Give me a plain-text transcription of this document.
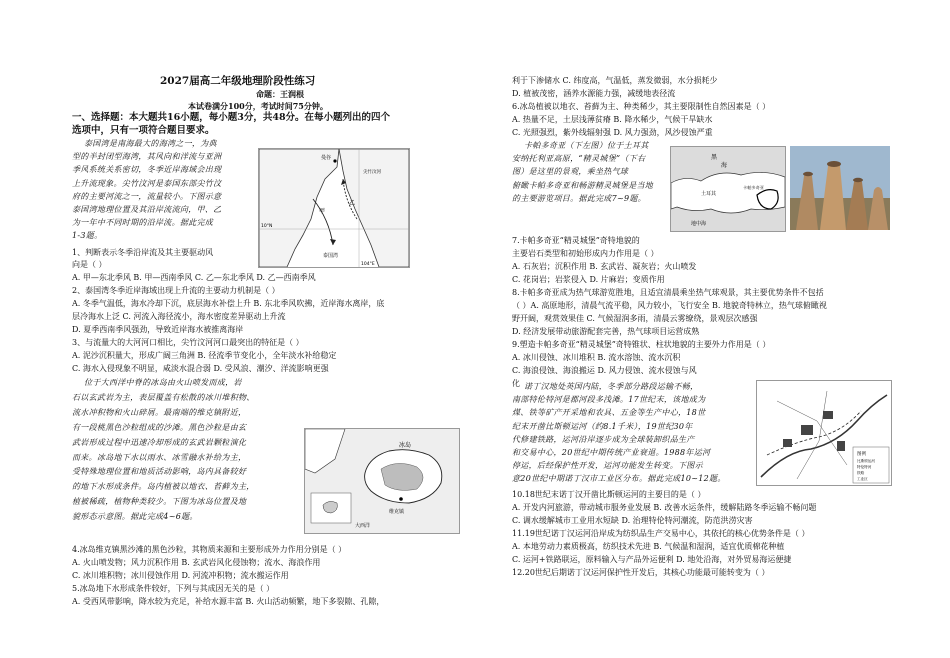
2027届高二年级地理阶段性练习
命题：王润根
本试卷满分100分，考试时间75分钟。
一、选择题：本大题共16小题，每小题3分，共48分。在每小题列出的四个
选项中，只有一项符合题目要求。
泰国湾是南海最大的海湾之一，为典
型的半封闭型海湾，其风向和洋流与亚洲
季风系统关系密切，冬季近岸海域会出现
上升流现象。尖竹汶河是泰国东部尖竹汶
府的主要河流之一，流量较小。下图示意
泰国湾地理位置及其沿岸流流向，甲、乙
为一年中不同时期的沿岸流。据此完成
1-3题。
甲
乙
泰国湾
尖竹汶河
曼谷
10°N
104°E
1、判断表示冬季沿岸流及其主要驱动风
向是（ ）
A. 甲—东北季风 B. 甲—西南季风 C. 乙—东北季风 D. 乙—西南季风
2、泰国湾冬季近岸海域出现上升流的主要动力机制是（ ）
A. 冬季气温低，海水冷却下沉，底层海水补偿上升 B. 东北季风吹拂，近岸海水离岸，底
层冷海水上泛 C. 河流入海径流小，海水密度差异驱动上升流
D. 夏季西南季风强劲，导致近岸海水被推离海岸
3、与流量大的大河河口相比，尖竹汶河河口最突出的特征是（ ）
A. 泥沙沉积量大，形成广阔三角洲 B. 径流季节变化小，全年淡水补给稳定
C. 海水入侵现象不明显，咸淡水混合弱 D. 受风浪、潮汐、洋流影响更强
位于大西洋中脊的冰岛由火山喷发而成，岩
石以玄武岩为主，表层覆盖有松散的冰川堆积物、
流水冲积物和火山碎屑。最南端的维克镇附近，
有一段桃黑色沙粒组成的沙滩。黑色沙粒是由玄
武岩形成过程中迅速冷却形成的玄武岩颗粒演化
而来。冰岛地下水以雨水、冰雪融水补给为主，
受特殊地理位置和地质活动影响，岛内具备较好
的地下水形成条件。岛内植被以地衣、苔藓为主，
植被稀疏，植物种类较少。下图为冰岛位置及地
貌形态示意图。据此完成4~6题。
冰岛
维克镇
大西洋
4.冰岛维克镇黑沙滩的黑色沙粒，其物质来源和主要形成外力作用分别是（ ）
A. 火山喷发物；风力沉积作用 B. 玄武岩风化侵蚀物；流水、海浪作用
C. 冰川堆积物；冰川侵蚀作用 D. 河流冲积物；流水搬运作用
5.冰岛地下水形成条件较好，下列与其成因无关的是（ ）
A. 受西风带影响，降水较为充足，补给水源丰富 B. 火山活动频繁，地下多裂隙、孔隙，
利于下渗储水 C. 纬度高，气温低，蒸发微弱，水分损耗少
D. 植被茂密，涵养水源能力强，减缓地表径流
6.冰岛植被以地衣、苔藓为主、种类稀少，其主要限制性自然因素是（ ）
A. 热量不足，土层浅薄贫瘠 B. 降水稀少，气候干旱缺水
C. 光照强烈，紫外线辐射强 D. 风力强劲，风沙侵蚀严重
卡帕多奇亚（下左图）位于土耳其
安纳托利亚高原，“精灵城堡”（下右
图）是这里的景观，乘坐热气球
俯瞰卡帕多奇亚和畅游精灵城堡是当地
的主要游览项目。据此完成7~9题。
黑
海
土耳其
卡帕多奇亚
地中海
7.卡帕多奇亚“精灵城堡”奇特地貌的
主要岩石类型和初始形成内力作用是（ ）
A. 石灰岩；沉积作用 B. 玄武岩、凝灰岩；火山喷发
C. 花岗岩；岩浆侵入 D. 片麻岩；变质作用
8.卡帕多奇亚成为热气球游览胜地，且适宜清晨乘坐热气球观景，其主要优势条件不包括
（ ）A. 高原地形，清晨气流平稳，风力较小，飞行安全 B. 地貌奇特林立，热气球俯瞰视
野开阔，观赏效果佳 C. 气候湿润多雨，清晨云雾缭绕，景观层次感强
D. 经济发展带动旅游配套完善，热气球项目运营成熟
9.塑造卡帕多奇亚“精灵城堡”奇特锥状、柱状地貌的主要外力作用是（ ）
A. 冰川侵蚀、冰川堆积 B. 流水溶蚀、流水沉积
C. 海浪侵蚀、海浪搬运 D. 风力侵蚀、流水侵蚀与风
化 诺丁汉地处英国内陆，冬季部分路段运输不畅，
南部特伦特河是郡河段多浅滩。17世纪末，该地成为
煤、铁等矿产开采地和农具、五金等生产中心，18世
纪末开凿比斯顿运河（约8.1千米），19世纪30年
代修建铁路，运河沿岸逐步成为全球装卸织品生产
和交易中心，20世纪中期传统产业衰退。1988年运河
停运，后经保护性开发，运河功能发生转变。下图示
意20世纪中期诺丁汉市工业区分布。据此完成10~12题。
图例
比斯顿运河
特伦特河
铁路
工业区
10.18世纪末诺丁汉开凿比斯顿运河的主要目的是（ ）
A. 开发内河旅游，带动城市服务业发展 B. 改善水运条件，缓解陆路冬季运输不畅问题
C. 调水缓解城市工业用水短缺 D. 治理特伦特河潮流，防范洪涝灾害
11.19世纪诺丁汉运河沿岸成为纺织品生产交易中心，其依托的核心优势条件是（ ）
A. 本地劳动力素质极高，纺织技术先进 B. 气候温和湿润，适宜优质棉花种植
C. 运河+铁路联运，原料输入与产品外运便利 D. 地处沿海，对外贸易海运便捷
12.20世纪后期诺丁汉运河保护性开发后，其核心功能最可能转变为（ ）
